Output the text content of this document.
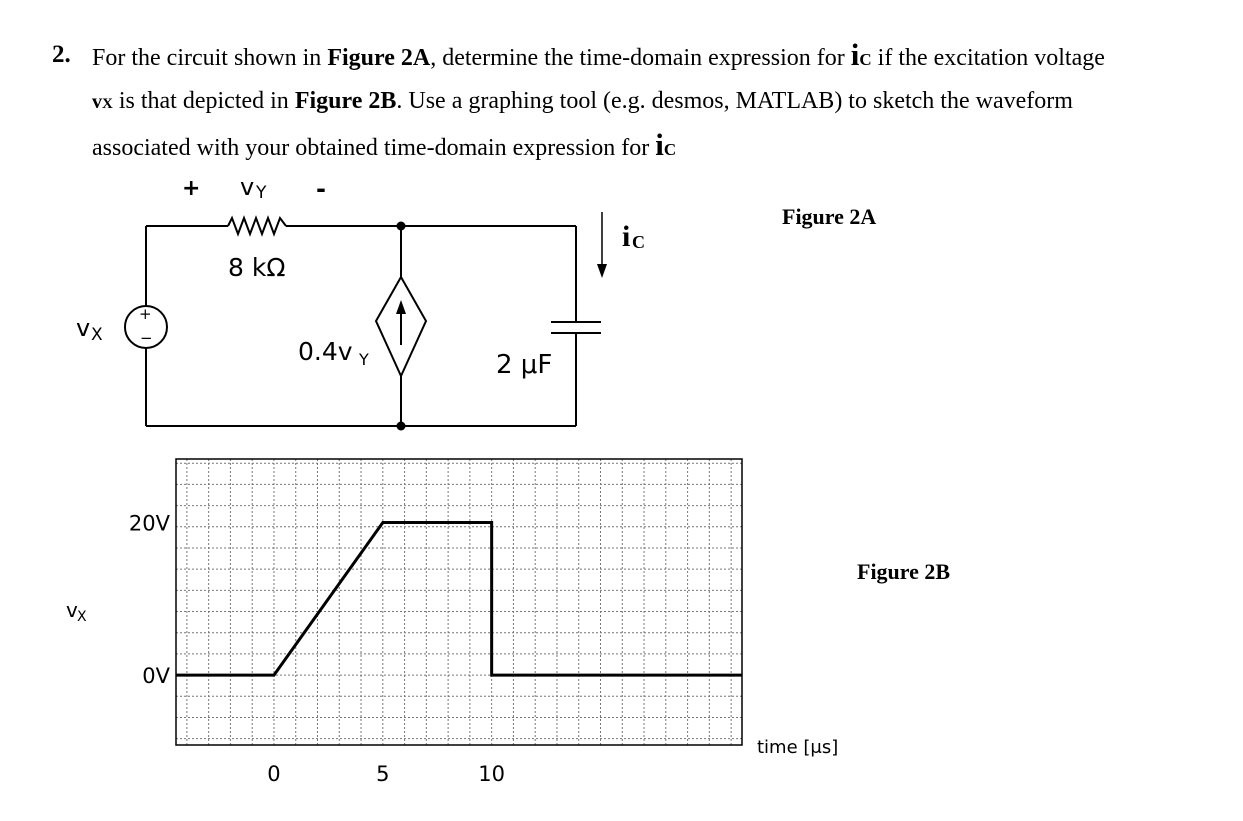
2. For the circuit shown in Figure 2A, determine the time-domain expression for iC if the excitation voltage
vX is that depicted in Figure 2B. Use a graphing tool (e.g. desmos, MATLAB) to sketch the waveform
associated with your obtained time-domain expression for iC
Figure 2A
Figure 2B
+ v Y -
8 kΩ
v X
+
−	0.4v Y	2 μF
i C
0	5	10
20V
0V
v X
time [μs]
